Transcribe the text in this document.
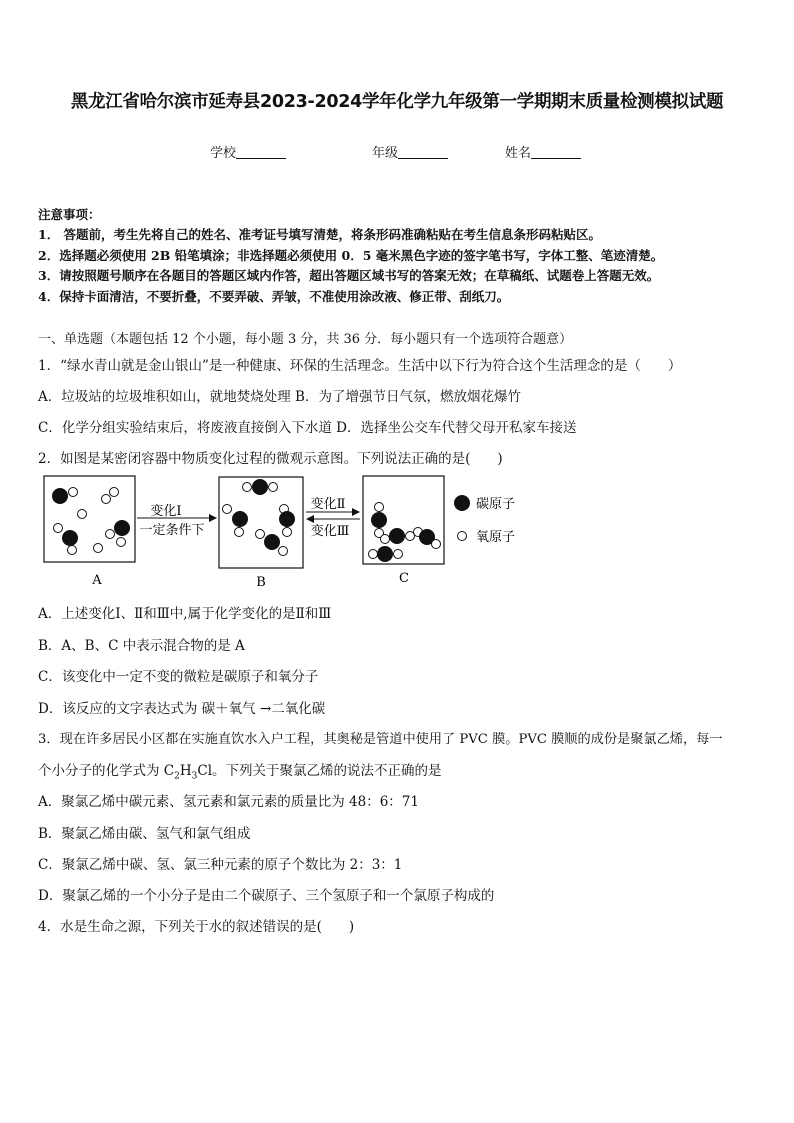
黑龙江省哈尔滨市延寿县2023-2024学年化学九年级第一学期期末质量检测模拟试题
学校	年级	姓名
注意事项：
1． 答题前，考生先将自己的姓名、准考证号填写清楚，将条形码准确粘贴在考生信息条形码粘贴区。
2．选择题必须使用 2B 铅笔填涂；非选择题必须使用 0．5 毫米黑色字迹的签字笔书写，字体工整、笔迹清楚。
3．请按照题号顺序在各题目的答题区域内作答，超出答题区域书写的答案无效；在草稿纸、试题卷上答题无效。
4．保持卡面清洁，不要折叠，不要弄破、弄皱，不准使用涂改液、修正带、刮纸刀。
一、单选题（本题包括 12 个小题，每小题 3 分，共 36 分．每小题只有一个选项符合题意）
1．“绿水青山就是金山银山”是一种健康、环保的生活理念。生活中以下行为符合这个生活理念的是（　　）
A．垃圾站的垃圾堆积如山，就地焚烧处理 B．为了增强节日气氛，燃放烟花爆竹
C．化学分组实验结束后，将废液直接倒入下水道 D．选择坐公交车代替父母开私家车接送
2．如图是某密闭容器中物质变化过程的微观示意图。下列说法正确的是(　　)
A
变化Ⅰ
一定条件下
B
变化Ⅱ
变化Ⅲ
C
碳原子
氧原子
A．上述变化Ⅰ、Ⅱ和Ⅲ中,属于化学变化的是Ⅱ和Ⅲ
B．A、B、C 中表示混合物的是 A
C．该变化中一定不变的微粒是碳原子和氧分子
D．该反应的文字表达式为 碳＋氧气 →二氧化碳
3．现在许多居民小区都在实施直饮水入户工程，其奥秘是管道中使用了 PVC 膜。PVC 膜顺的成份是聚氯乙烯，每一
个小分子的化学式为 $C_2H_3Cl$。下列关于聚氯乙烯的说法不正确的是
A．聚氯乙烯中碳元素、氢元素和氯元素的质量比为 48：6：71
B．聚氯乙烯由碳、氢气和氯气组成
C．聚氯乙烯中碳、氢、氯三种元素的原子个数比为 2：3：1
D．聚氯乙烯的一个小分子是由二个碳原子、三个氢原子和一个氯原子构成的
4．水是生命之源，下列关于水的叙述错误的是(　　)
